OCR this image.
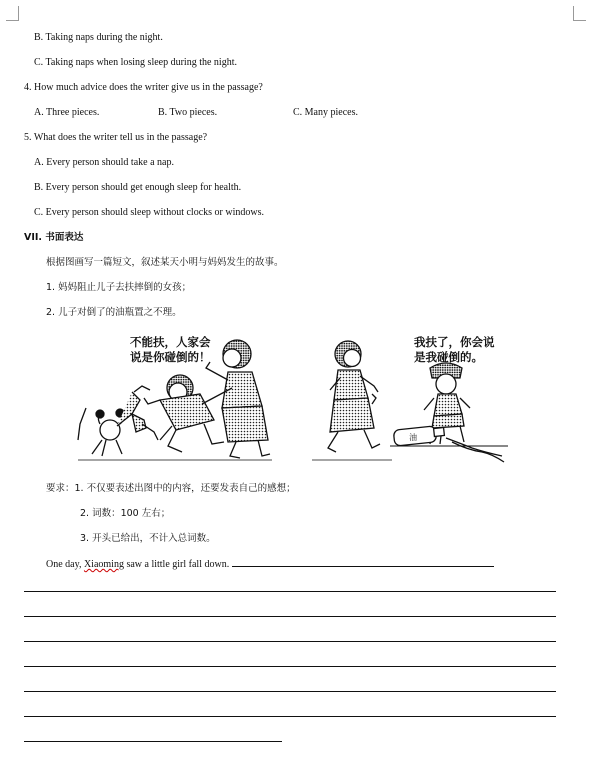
B. Taking naps during the night.
C. Taking naps when losing sleep during the night.
4. How much advice does the writer give us in the passage?
A. Three pieces.	B. Two pieces.	C. Many pieces.
5. What does the writer tell us in the passage?
A. Every person should take a nap.
B. Every person should get enough sleep for health.
C. Every person should sleep without clocks or windows.
VII. 书面表达
根据图画写一篇短文，叙述某天小明与妈妈发生的故事。
1. 妈妈阻止儿子去扶摔倒的女孩；
2. 儿子对倒了的油瓶置之不理。
油
不能扶，人家会
说是你碰倒的！
我扶了，你会说
是我碰倒的。
要求：1. 不仅要表述出图中的内容，还要发表自己的感想；
2. 词数：100 左右；
3. 开头已给出，不计入总词数。
One day, Xiaoming saw a little girl fall down.
